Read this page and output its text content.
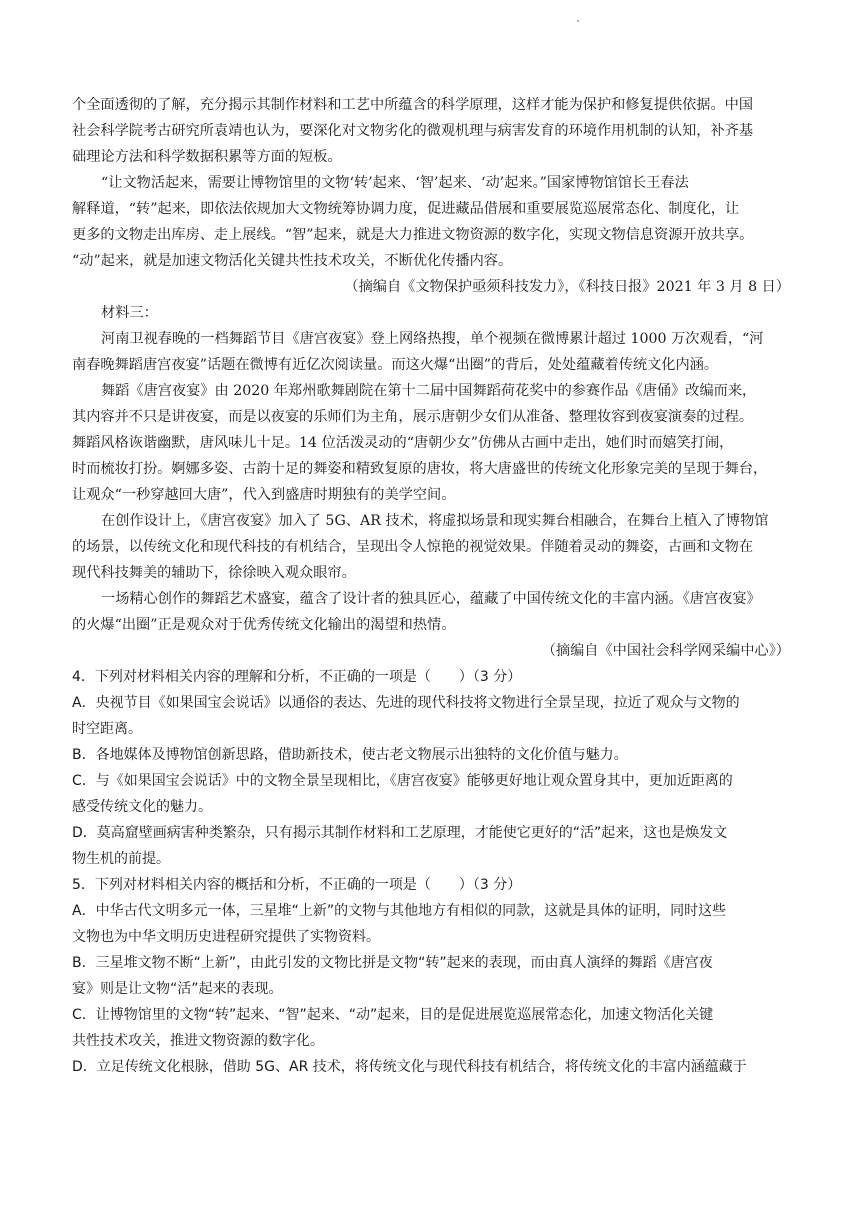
个全面透彻的了解，充分揭示其制作材料和工艺中所蕴含的科学原理，这样才能为保护和修复提供依据。中国
社会科学院考古研究所袁靖也认为，要深化对文物劣化的微观机理与病害发育的环境作用机制的认知，补齐基
础理论方法和科学数据积累等方面的短板。
“让文物活起来，需要让博物馆里的文物‘转’起来、‘智’起来、‘动’起来。”国家博物馆馆长王春法
解释道，“转”起来，即依法依规加大文物统筹协调力度，促进藏品借展和重要展览巡展常态化、制度化，让
更多的文物走出库房、走上展线。“智”起来，就是大力推进文物资源的数字化，实现文物信息资源开放共享。
“动”起来，就是加速文物活化关键共性技术攻关，不断优化传播内容。
（摘编自《文物保护亟须科技发力》，《科技日报》2021 年 3 月 8 日）
材料三：
河南卫视春晚的一档舞蹈节目《唐宫夜宴》登上网络热搜，单个视频在微博累计超过 1000 万次观看，“河
南春晚舞蹈唐宫夜宴”话题在微博有近亿次阅读量。而这火爆“出圈”的背后，处处蕴藏着传统文化内涵。
舞蹈《唐宫夜宴》由 2020 年郑州歌舞剧院在第十二届中国舞蹈荷花奖中的参赛作品《唐俑》改编而来，
其内容并不只是讲夜宴，而是以夜宴的乐师们为主角，展示唐朝少女们从准备、整理妆容到夜宴演奏的过程。
舞蹈风格诙谐幽默，唐风味儿十足。14 位活泼灵动的“唐朝少女”仿佛从古画中走出，她们时而嬉笑打闹，
时而梳妆打扮。婀娜多姿、古韵十足的舞姿和精致复原的唐妆，将大唐盛世的传统文化形象完美的呈现于舞台，
让观众“一秒穿越回大唐”，代入到盛唐时期独有的美学空间。
在创作设计上，《唐宫夜宴》加入了 5G、AR 技术，将虚拟场景和现实舞台相融合，在舞台上植入了博物馆
的场景，以传统文化和现代科技的有机结合，呈现出令人惊艳的视觉效果。伴随着灵动的舞姿，古画和文物在
现代科技舞美的辅助下，徐徐映入观众眼帘。
一场精心创作的舞蹈艺术盛宴，蕴含了设计者的独具匠心，蕴藏了中国传统文化的丰富内涵。《唐宫夜宴》
的火爆“出圈”正是观众对于优秀传统文化输出的渴望和热情。
（摘编自《中国社会科学网采编中心》）
4．下列对材料相关内容的理解和分析，不正确的一项是（　　）（3 分）
A．央视节目《如果国宝会说话》以通俗的表达、先进的现代科技将文物进行全景呈现，拉近了观众与文物的
时空距离。
B．各地媒体及博物馆创新思路，借助新技术，使古老文物展示出独特的文化价值与魅力。
C．与《如果国宝会说话》中的文物全景呈现相比，《唐宫夜宴》能够更好地让观众置身其中，更加近距离的
感受传统文化的魅力。
D．莫高窟壁画病害种类繁杂，只有揭示其制作材料和工艺原理，才能使它更好的“活”起来，这也是焕发文
物生机的前提。
5．下列对材料相关内容的概括和分析，不正确的一项是（　　）（3 分）
A．中华古代文明多元一体，三星堆“上新”的文物与其他地方有相似的同款，这就是具体的证明，同时这些
文物也为中华文明历史进程研究提供了实物资料。
B．三星堆文物不断“上新”，由此引发的文物比拼是文物“转”起来的表现，而由真人演绎的舞蹈《唐宫夜
宴》则是让文物“活”起来的表现。
C．让博物馆里的文物“转”起来、“智”起来、“动”起来，目的是促进展览巡展常态化，加速文物活化关键
共性技术攻关，推进文物资源的数字化。
D．立足传统文化根脉，借助 5G、AR 技术，将传统文化与现代科技有机结合，将传统文化的丰富内涵蕴藏于
